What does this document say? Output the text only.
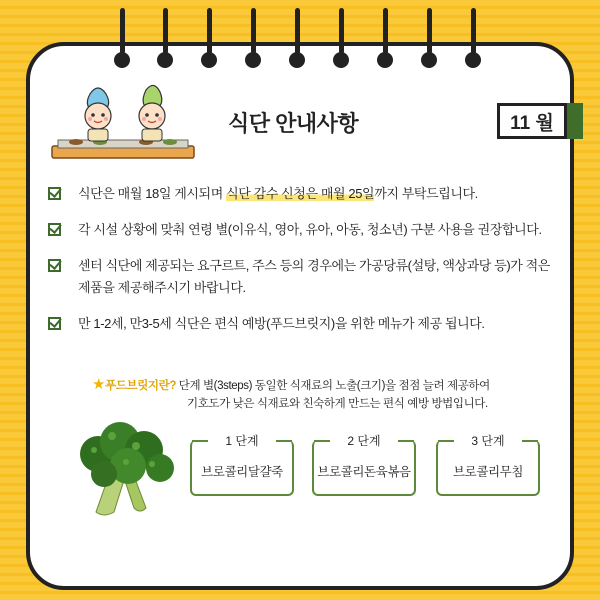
식단 안내사항	11 월
식단은 매월 18일 게시되며 식단 감수 신청은 매월 25일까지 부탁드립니다.
각 시설 상황에 맞춰 연령 별(이유식, 영아, 유아, 아동, 청소년) 구분 사용을 권장합니다.
센터 식단에 제공되는 요구르트, 주스 등의 경우에는 가공당류(설탕, 액상과당 등)가 적은 제품을 제공해주시기 바랍니다.
만 1-2세, 만3-5세 식단은 편식 예방(푸드브릿지)을 위한 메뉴가 제공 됩니다.
★푸드브릿지란? 단계 별(3steps) 동일한 식재료의 노출(크기)을 점점 늘려 제공하여
기호도가 낮은 식재료와 친숙하게 만드는 편식 예방 방법입니다.
1 단계
브로콜리달걀죽
2 단계
브로콜리돈육볶음
3 단계
브로콜리무침
